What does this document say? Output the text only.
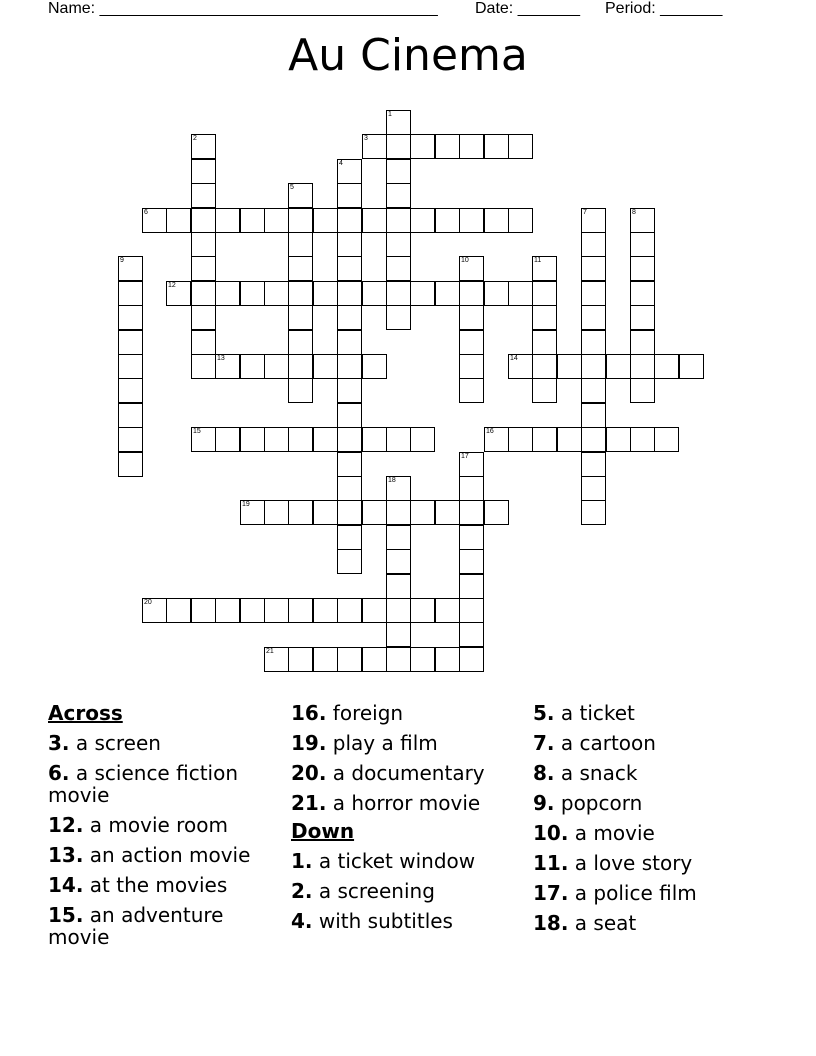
Name: ______________________________________ Date: _______ Period: _______
Au Cinema
1
2	3
4
5
6	7	8
9	10	11
12
13	14
15	16
17
18
19
20
21
Across
3. a screen
6. a science fiction movie
12. a movie room
13. an action movie
14. at the movies
15. an adventure movie
16. foreign
19. play a film
20. a documentary
21. a horror movie
Down
1. a ticket window
2. a screening
4. with subtitles
5. a ticket
7. a cartoon
8. a snack
9. popcorn
10. a movie
11. a love story
17. a police film
18. a seat
